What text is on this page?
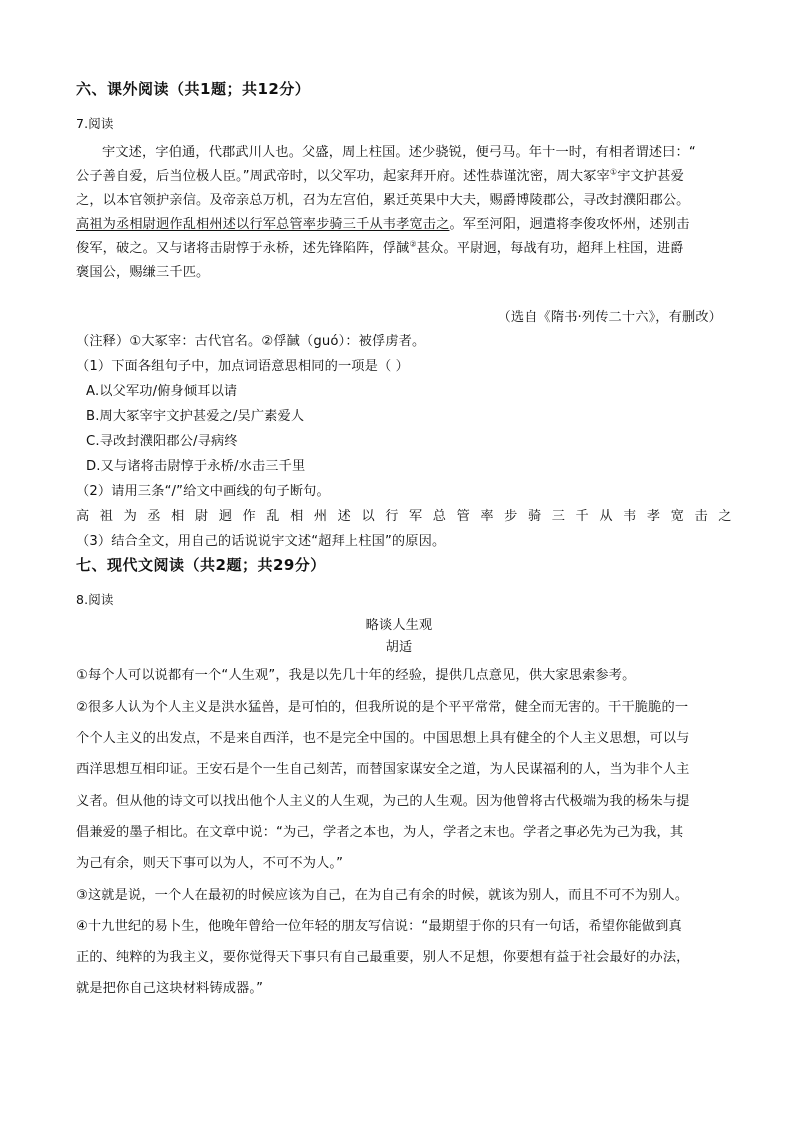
六、课外阅读（共1题；共12分）
7.阅读
宇文述，字伯通，代郡武川人也。父盛，周上柱国。述少骁锐，便弓马。年十一时，有相者谓述曰：“
公子善自爱，后当位极人臣。”周武帝时，以父军功，起家拜开府。述性恭谨沈密，周大冢宰①宇文护甚爱
之，以本官领护亲信。及帝亲总万机，召为左宫伯，累迁英果中大夫，赐爵博陵郡公，寻改封濮阳郡公。
高祖为丞相尉迥作乱相州述以行军总管率步骑三千从韦孝宽击之。军至河阳，迥遣将李俊攻怀州，述别击
俊军，破之。又与诸将击尉惇于永桥，述先锋陷阵，俘馘②甚众。平尉迥，每战有功，超拜上柱国，进爵
褒国公，赐缣三千匹。
（选自《隋书·列传二十六》，有删改）
（注释）①大冢宰：古代官名。②俘馘（guó）：被俘虏者。
（1）下面各组句子中，加点词语意思相同的一项是（ ）
A.以父军功/俯身倾耳以请
B.周大冢宰宇文护甚爱之/吴广素爱人
C.寻改封濮阳郡公/寻病终
D.又与诸将击尉惇于永桥/水击三千里
（2）请用三条“/”给文中画线的句子断句。
高祖为丞相尉迥作乱相州述以行军总管率步骑三千从韦孝宽击之
（3）结合全文，用自己的话说说宇文述“超拜上柱国”的原因。
七、现代文阅读（共2题；共29分）
8.阅读
略谈人生观
胡适
①每个人可以说都有一个“人生观”，我是以先几十年的经验，提供几点意见，供大家思索参考。
②很多人认为个人主义是洪水猛兽，是可怕的，但我所说的是个平平常常，健全而无害的。干干脆脆的一
个个人主义的出发点，不是来自西洋，也不是完全中国的。中国思想上具有健全的个人主义思想，可以与
西洋思想互相印证。王安石是个一生自己刻苦，而替国家谋安全之道，为人民谋福利的人，当为非个人主
义者。但从他的诗文可以找出他个人主义的人生观，为己的人生观。因为他曾将古代极端为我的杨朱与提
倡兼爱的墨子相比。在文章中说：“为己，学者之本也，为人，学者之末也。学者之事必先为己为我，其
为己有余，则天下事可以为人，不可不为人。”
③这就是说，一个人在最初的时候应该为自己，在为自己有余的时候，就该为别人，而且不可不为别人。
④十九世纪的易卜生，他晚年曾给一位年轻的朋友写信说：“最期望于你的只有一句话，希望你能做到真
正的、纯粹的为我主义，要你觉得天下事只有自己最重要，别人不足想，你要想有益于社会最好的办法，
就是把你自己这块材料铸成器。”
